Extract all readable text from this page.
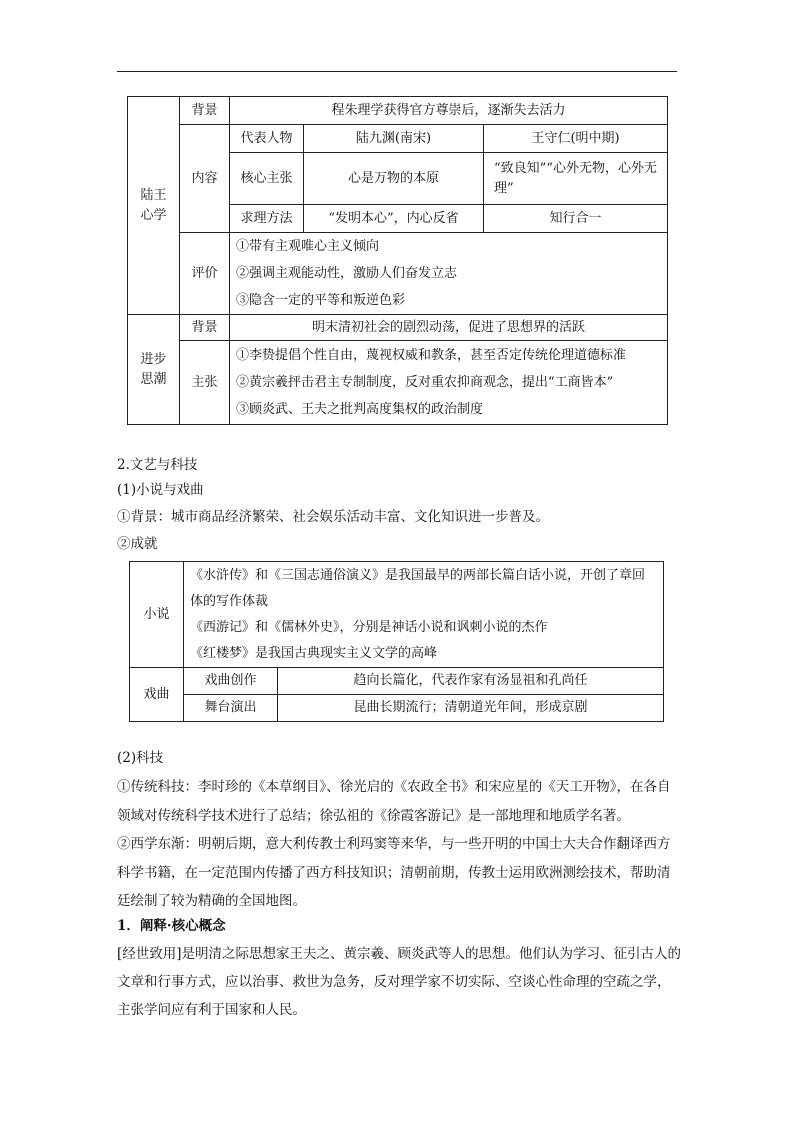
陆王
心学	背景	程朱理学获得官方尊崇后，逐渐失去活力		
	内容	代表人物	陆九渊(南宋)	王守仁(明中期)
		核心主张	心是万物的本原	“致良知”“心外无物，心外无理”
		求理方法	“发明本心”，内心反省	知行合一
	评价	①带有主观唯心主义倾向
②强调主观能动性，激励人们奋发立志
③隐含一定的平等和叛逆色彩		

进步
思潮	背景	明末清初社会的剧烈动荡，促进了思想界的活跃		
	主张	①李贽提倡个性自由，蔑视权威和教条，甚至否定传统伦理道德标准
②黄宗羲抨击君主专制制度，反对重农抑商观念，提出“工商皆本”
③顾炎武、王夫之批判高度集权的政治制度		
2.文艺与科技
(1)小说与戏曲
①背景：城市商品经济繁荣、社会娱乐活动丰富、文化知识进一步普及。
②成就
小说	《水浒传》和《三国志通俗演义》是我国最早的两部长篇白话小说，开创了章回体的写作体裁
《西游记》和《儒林外史》，分别是神话小说和讽刺小说的杰作
《红楼梦》是我国古典现实主义文学的高峰	

戏曲	戏曲创作	趋向长篇化，代表作家有汤显祖和孔尚任
	舞台演出	昆曲长期流行；清朝道光年间，形成京剧
(2)科技
①传统科技：李时珍的《本草纲目》、徐光启的《农政全书》和宋应星的《天工开物》，在各自领域对传统科学技术进行了总结；徐弘祖的《徐霞客游记》是一部地理和地质学名著。
②西学东渐：明朝后期，意大利传教士利玛窦等来华，与一些开明的中国士大夫合作翻译西方科学书籍，在一定范围内传播了西方科技知识；清朝前期，传教士运用欧洲测绘技术，帮助清廷绘制了较为精确的全国地图。
1．阐释·核心概念
[经世致用]是明清之际思想家王夫之、黄宗羲、顾炎武等人的思想。他们认为学习、征引古人的文章和行事方式，应以治事、救世为急务，反对理学家不切实际、空谈心性命理的空疏之学，主张学问应有利于国家和人民。
